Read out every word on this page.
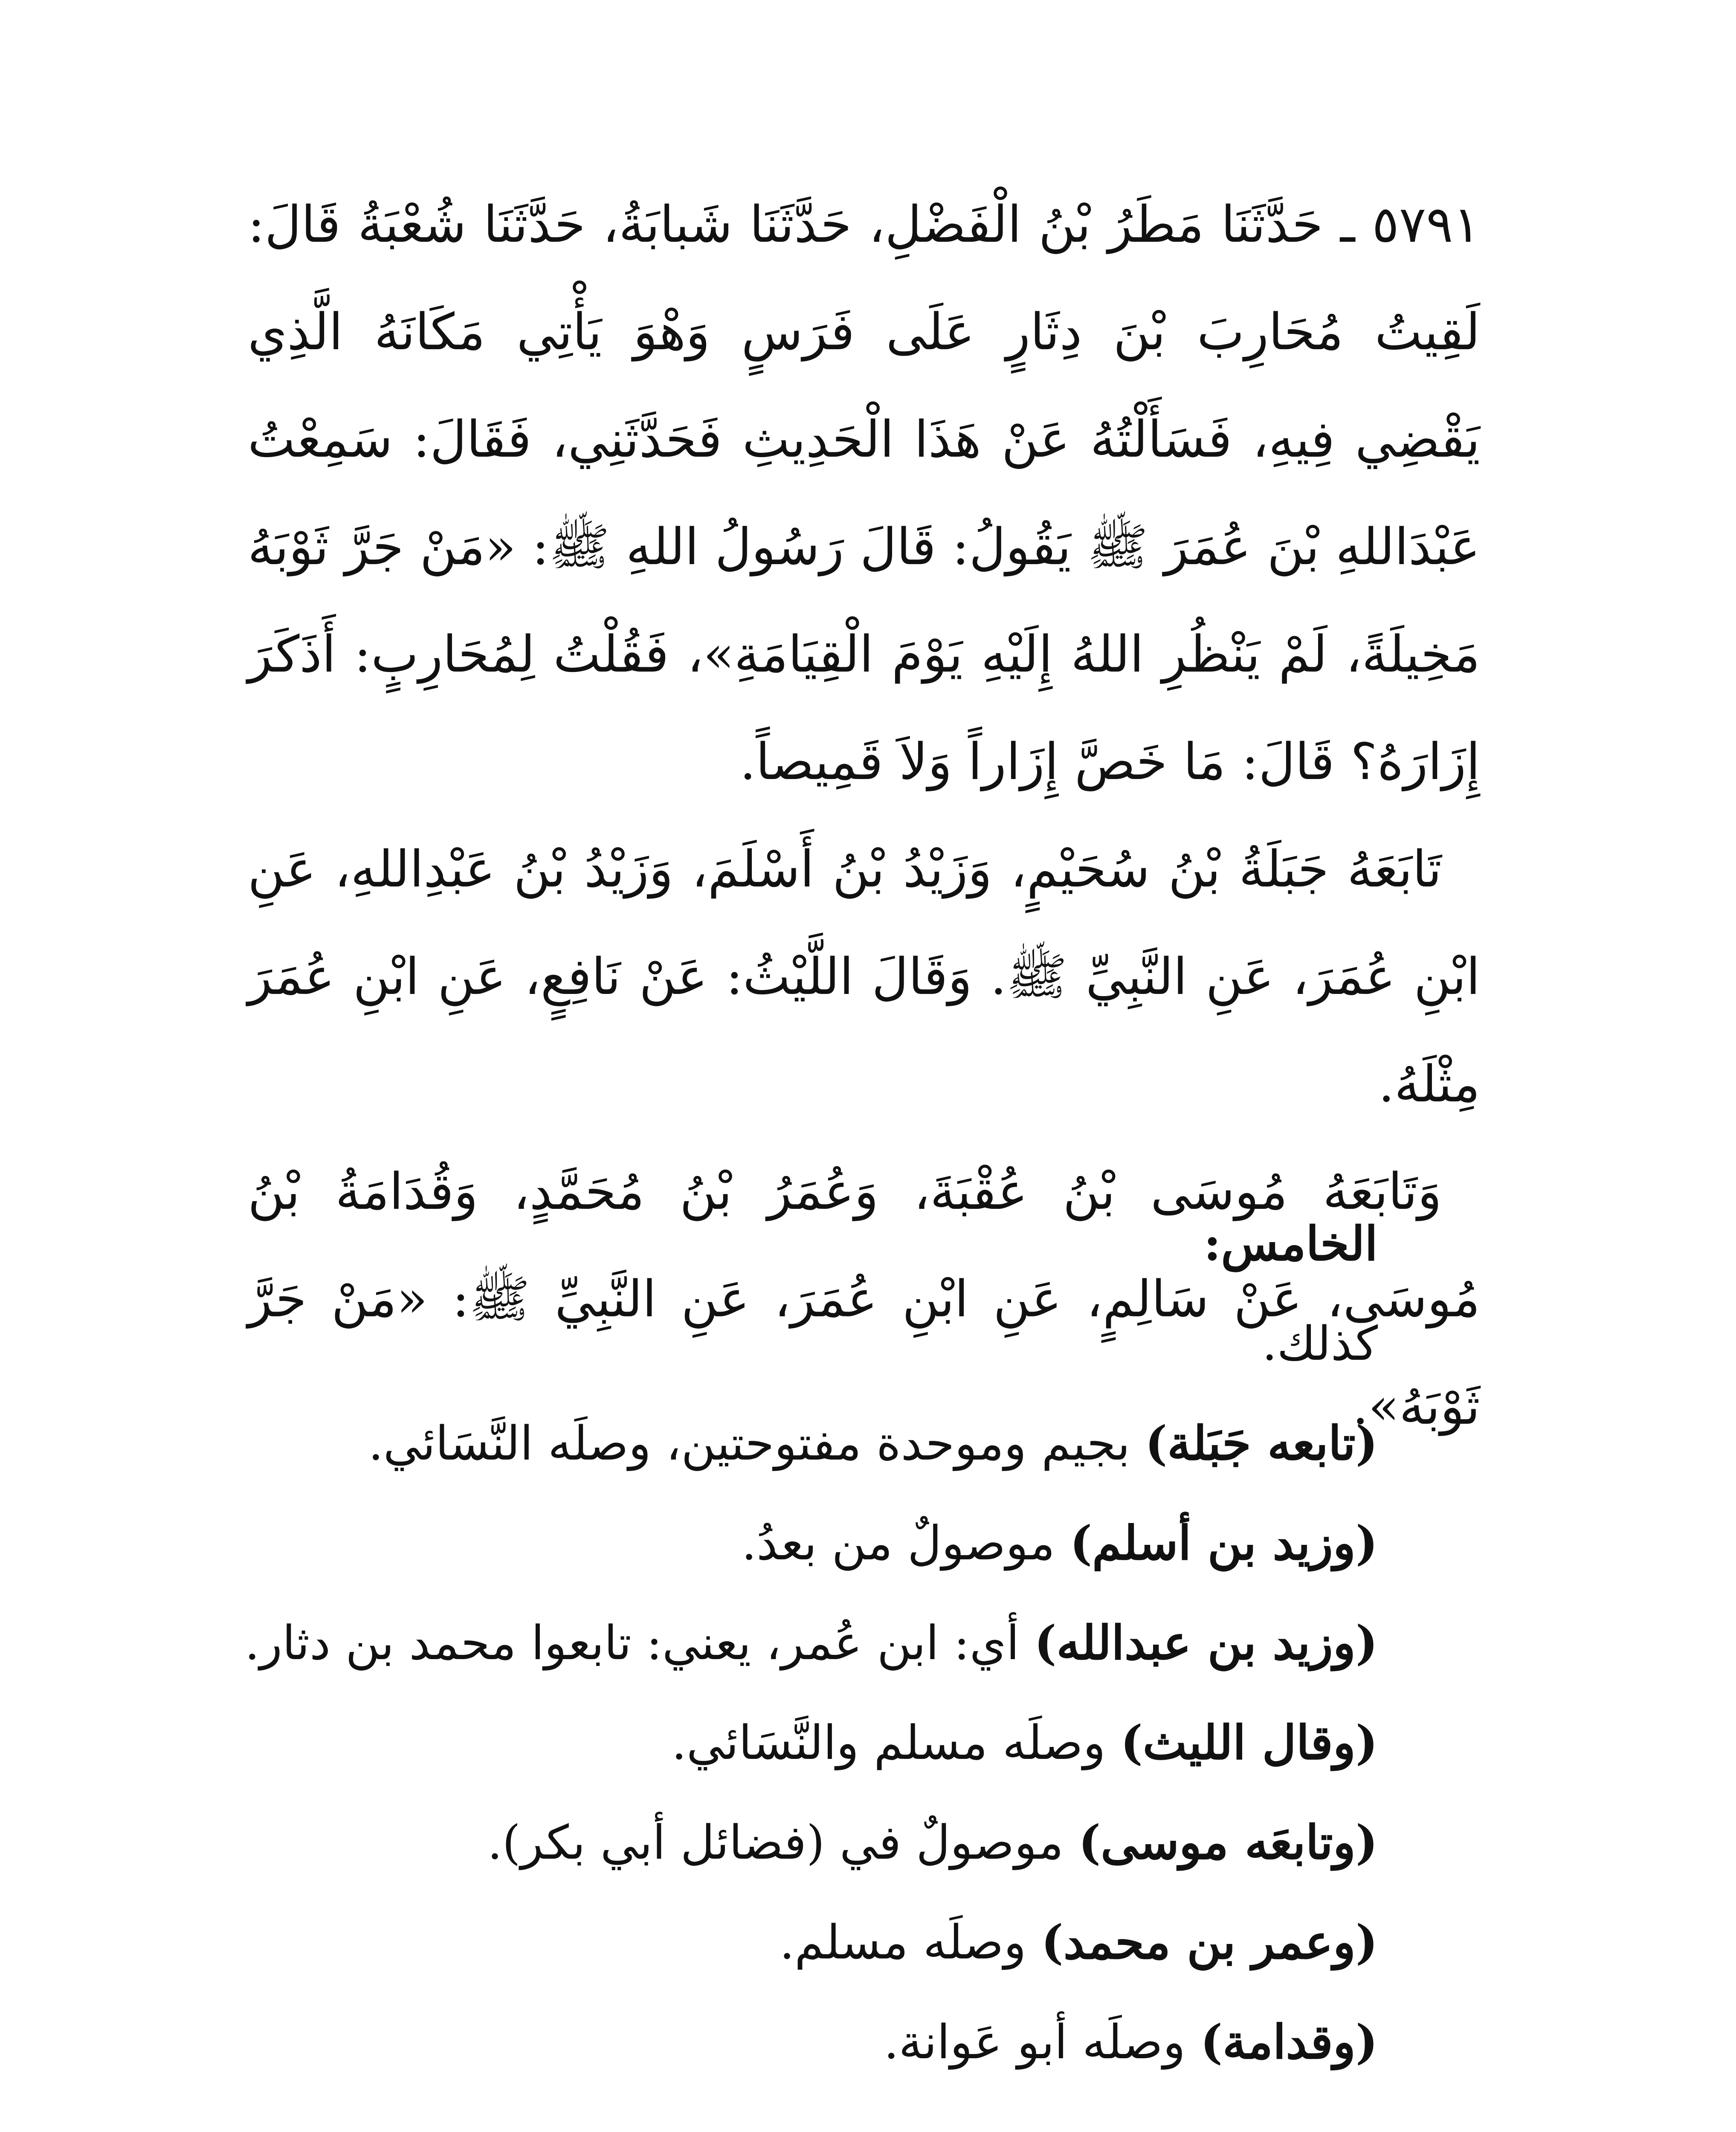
٥٧٩١ ـ حَدَّثَنَا مَطَرُ بْنُ الْفَضْلِ، حَدَّثَنَا شَبابَةُ، حَدَّثَنَا شُعْبَةُ قَالَ: لَقِيتُ مُحَارِبَ بْنَ دِثَارٍ عَلَى فَرَسٍ وَهْوَ يَأْتِي مَكَانَهُ الَّذِي يَقْضِي فِيهِ، فَسَأَلْتُهُ عَنْ هَذَا الْحَدِيثِ فَحَدَّثَنِي، فَقَالَ: سَمِعْتُ عَبْدَاللهِ بْنَ عُمَرَ ﷺ يَقُولُ: قَالَ رَسُولُ اللهِ ﷺ: «مَنْ جَرَّ ثَوْبَهُ مَخِيلَةً، لَمْ يَنْظُرِ اللهُ إِلَيْهِ يَوْمَ الْقِيَامَةِ»، فَقُلْتُ لِمُحَارِبٍ: أَذَكَرَ إِزَارَهُ؟ قَالَ: مَا خَصَّ إِزَاراً وَلاَ قَمِيصاً.

تَابَعَهُ جَبَلَةُ بْنُ سُحَيْمٍ، وَزَيْدُ بْنُ أَسْلَمَ، وَزَيْدُ بْنُ عَبْدِاللهِ، عَنِ ابْنِ عُمَرَ، عَنِ النَّبِيِّ ﷺ. وَقَالَ اللَّيْثُ: عَنْ نَافِعٍ، عَنِ ابْنِ عُمَرَ مِثْلَهُ.

وَتَابَعَهُ مُوسَى بْنُ عُقْبَةَ، وَعُمَرُ بْنُ مُحَمَّدٍ، وَقُدَامَةُ بْنُ مُوسَى، عَنْ سَالِمٍ، عَنِ ابْنِ عُمَرَ، عَنِ النَّبِيِّ ﷺ: «مَنْ جَرَّ ثَوْبَهُ».

الخامس:

كذلك.

(تابعه جَبَلة) بجيم وموحدة مفتوحتين، وصلَه النَّسَائي.

(وزيد بن أسلم) موصولٌ من بعدُ.

(وزيد بن عبدالله) أي: ابن عُمر، يعني: تابعوا محمد بن دثار.

(وقال الليث) وصلَه مسلم والنَّسَائي.

(وتابعَه موسى) موصولٌ في (فضائل أبي بكر).

(وعمر بن محمد) وصلَه مسلم.

(وقدامة) وصلَه أبو عَوانة.
